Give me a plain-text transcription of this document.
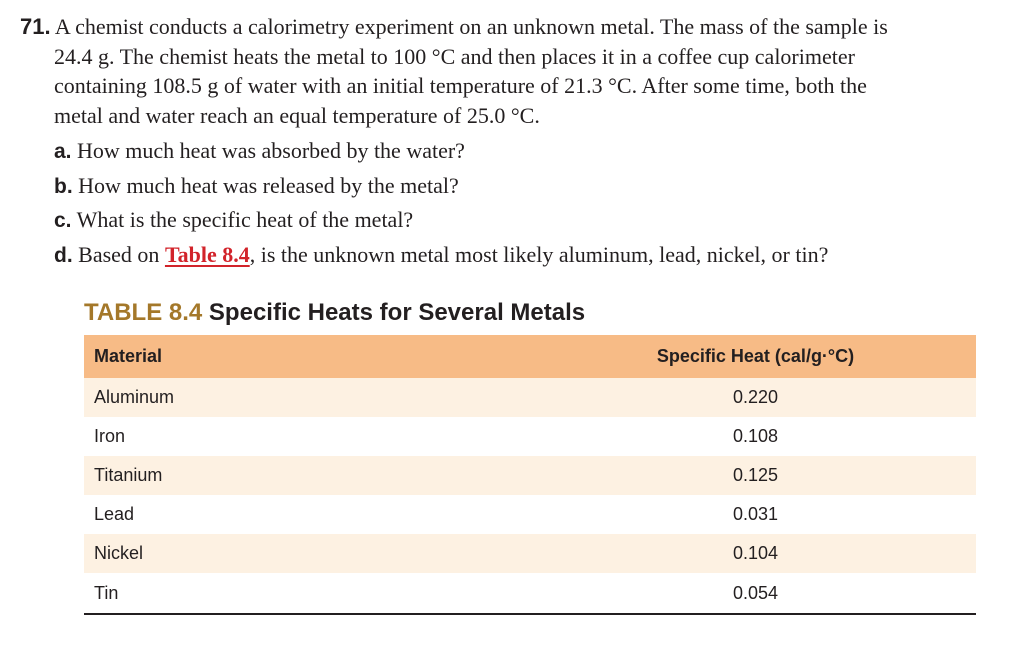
71. A chemist conducts a calorimetry experiment on an unknown metal. The mass of the sample is
24.4 g. The chemist heats the metal to 100 °C and then places it in a coffee cup calorimeter
containing 108.5 g of water with an initial temperature of 21.3 °C. After some time, both the
metal and water reach an equal temperature of 25.0 °C.
a. How much heat was absorbed by the water?
b. How much heat was released by the metal?
c. What is the specific heat of the metal?
d. Based on Table 8.4, is the unknown metal most likely aluminum, lead, nickel, or tin?
TABLE 8.4 Specific Heats for Several Metals
Material	Specific Heat (cal/g·°C)
Aluminum	0.220
Iron	0.108
Titanium	0.125
Lead	0.031
Nickel	0.104
Tin	0.054
